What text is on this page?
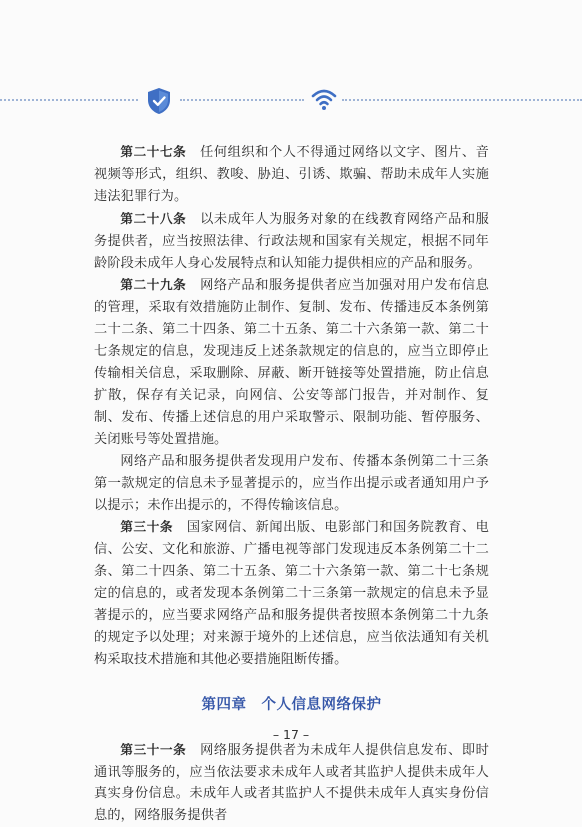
第二十七条　 任何组织和个人不得通过网络以文字、图片、音视频等形式，组织、教唆、胁迫、引诱、欺骗、帮助未成年人实施违法犯罪行为。

第二十八条　 以未成年人为服务对象的在线教育网络产品和服务提供者，应当按照法律、行政法规和国家有关规定，根据不同年龄阶段未成年人身心发展特点和认知能力提供相应的产品和服务。

第二十九条　 网络产品和服务提供者应当加强对用户发布信息的管理，采取有效措施防止制作、复制、发布、传播违反本条例第二十二条、第二十四条、第二十五条、第二十六条第一款、第二十七条规定的信息，发现违反上述条款规定的信息的，应当立即停止传输相关信息，采取删除、屏蔽、断开链接等处置措施，防止信息扩散，保存有关记录，向网信、公安等部门报告，并对制作、复制、发布、传播上述信息的用户采取警示、限制功能、暂停服务、关闭账号等处置措施。

网络产品和服务提供者发现用户发布、传播本条例第二十三条第一款规定的信息未予显著提示的，应当作出提示或者通知用户予以提示；未作出提示的，不得传输该信息。

第三十条　 国家网信、新闻出版、电影部门和国务院教育、电信、公安、文化和旅游、广播电视等部门发现违反本条例第二十二条、第二十四条、第二十五条、第二十六条第一款、第二十七条规定的信息的，或者发现本条例第二十三条第一款规定的信息未予显著提示的，应当要求网络产品和服务提供者按照本条例第二十九条的规定予以处理；对来源于境外的上述信息，应当依法通知有关机构采取技术措施和其他必要措施阻断传播。

第四章　个人信息网络保护

第三十一条　 网络服务提供者为未成年人提供信息发布、即时通讯等服务的，应当依法要求未成年人或者其监护人提供未成年人真实身份信息。未成年人或者其监护人不提供未成年人真实身份信息的，网络服务提供者

– 17 –
